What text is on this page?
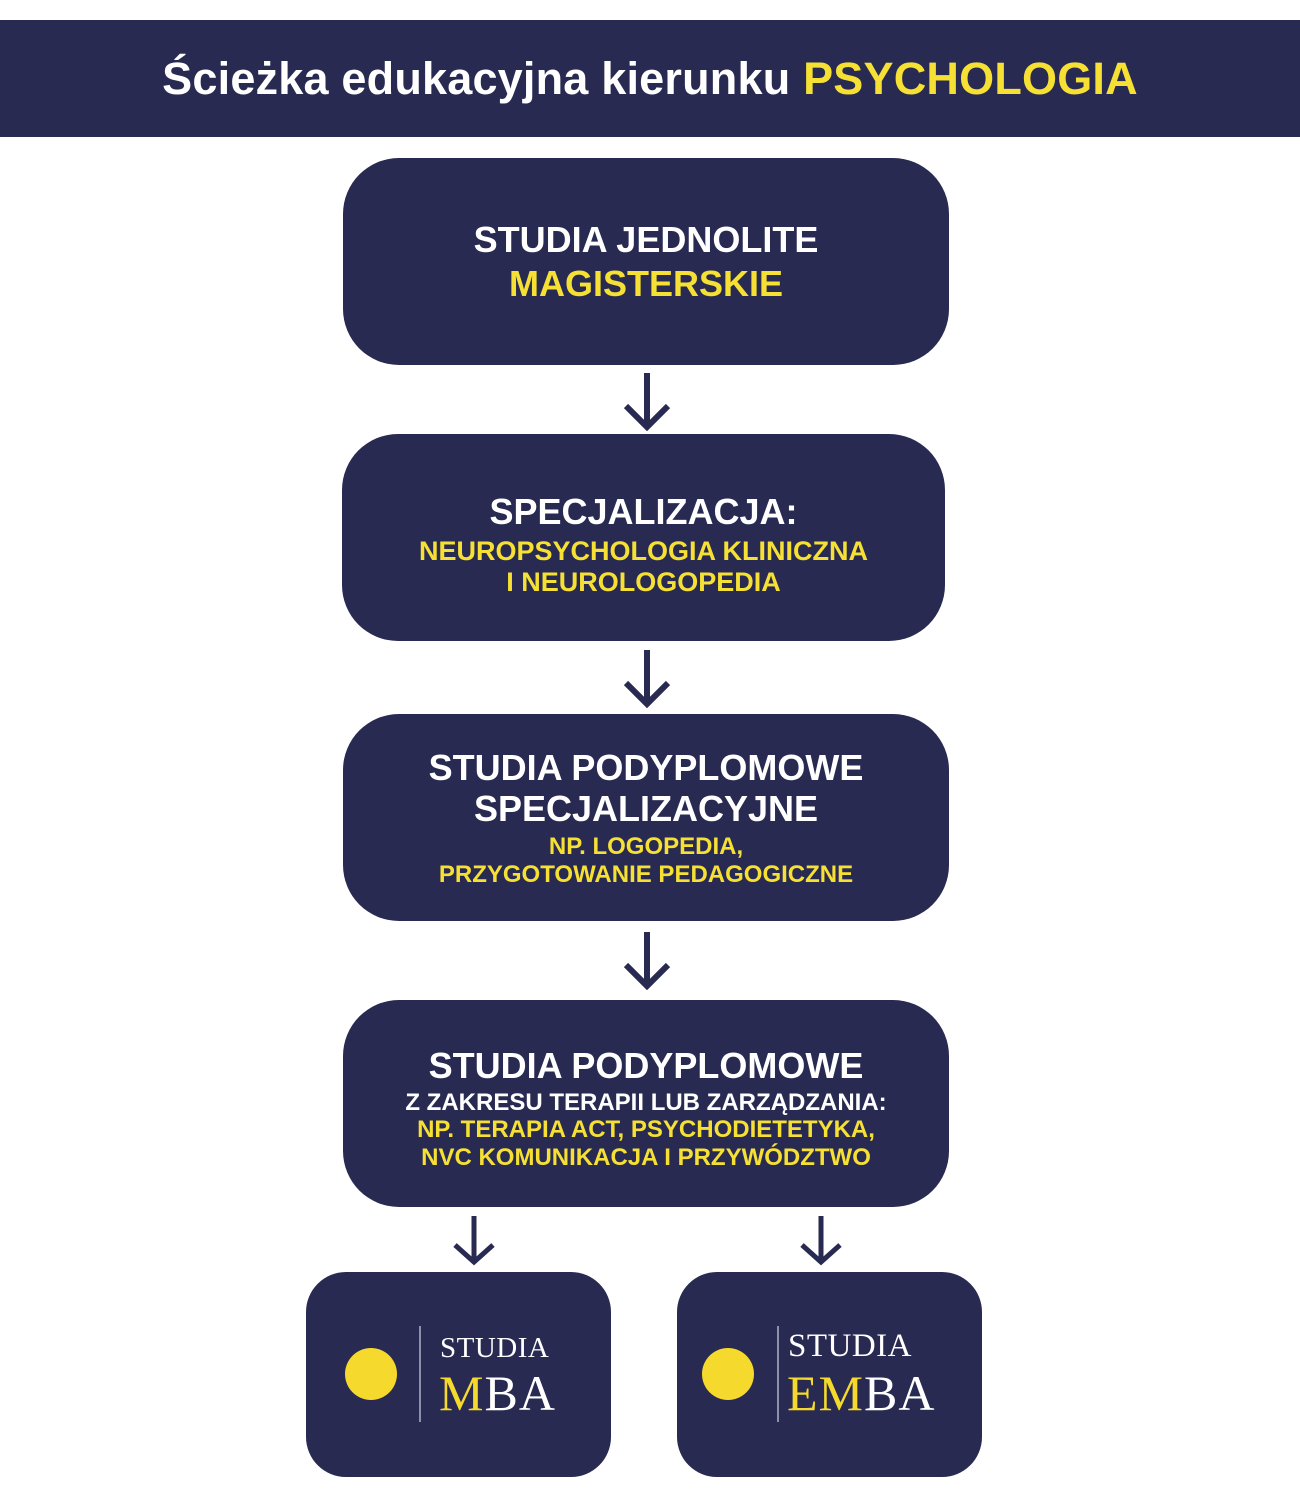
Ścieżka edukacyjna kierunku PSYCHOLOGIA
STUDIA JEDNOLITE
MAGISTERSKIE
SPECJALIZACJA:
NEUROPSYCHOLOGIA KLINICZNA
I NEUROLOGOPEDIA
STUDIA PODYPLOMOWE
SPECJALIZACYJNE
NP. LOGOPEDIA,
PRZYGOTOWANIE PEDAGOGICZNE
STUDIA PODYPLOMOWE
Z ZAKRESU TERAPII LUB ZARZĄDZANIA:
NP. TERAPIA ACT, PSYCHODIETETYKA,
NVC KOMUNIKACJA I PRZYWÓDZTWO
STUDIA
MBA
STUDIA
EMBA
